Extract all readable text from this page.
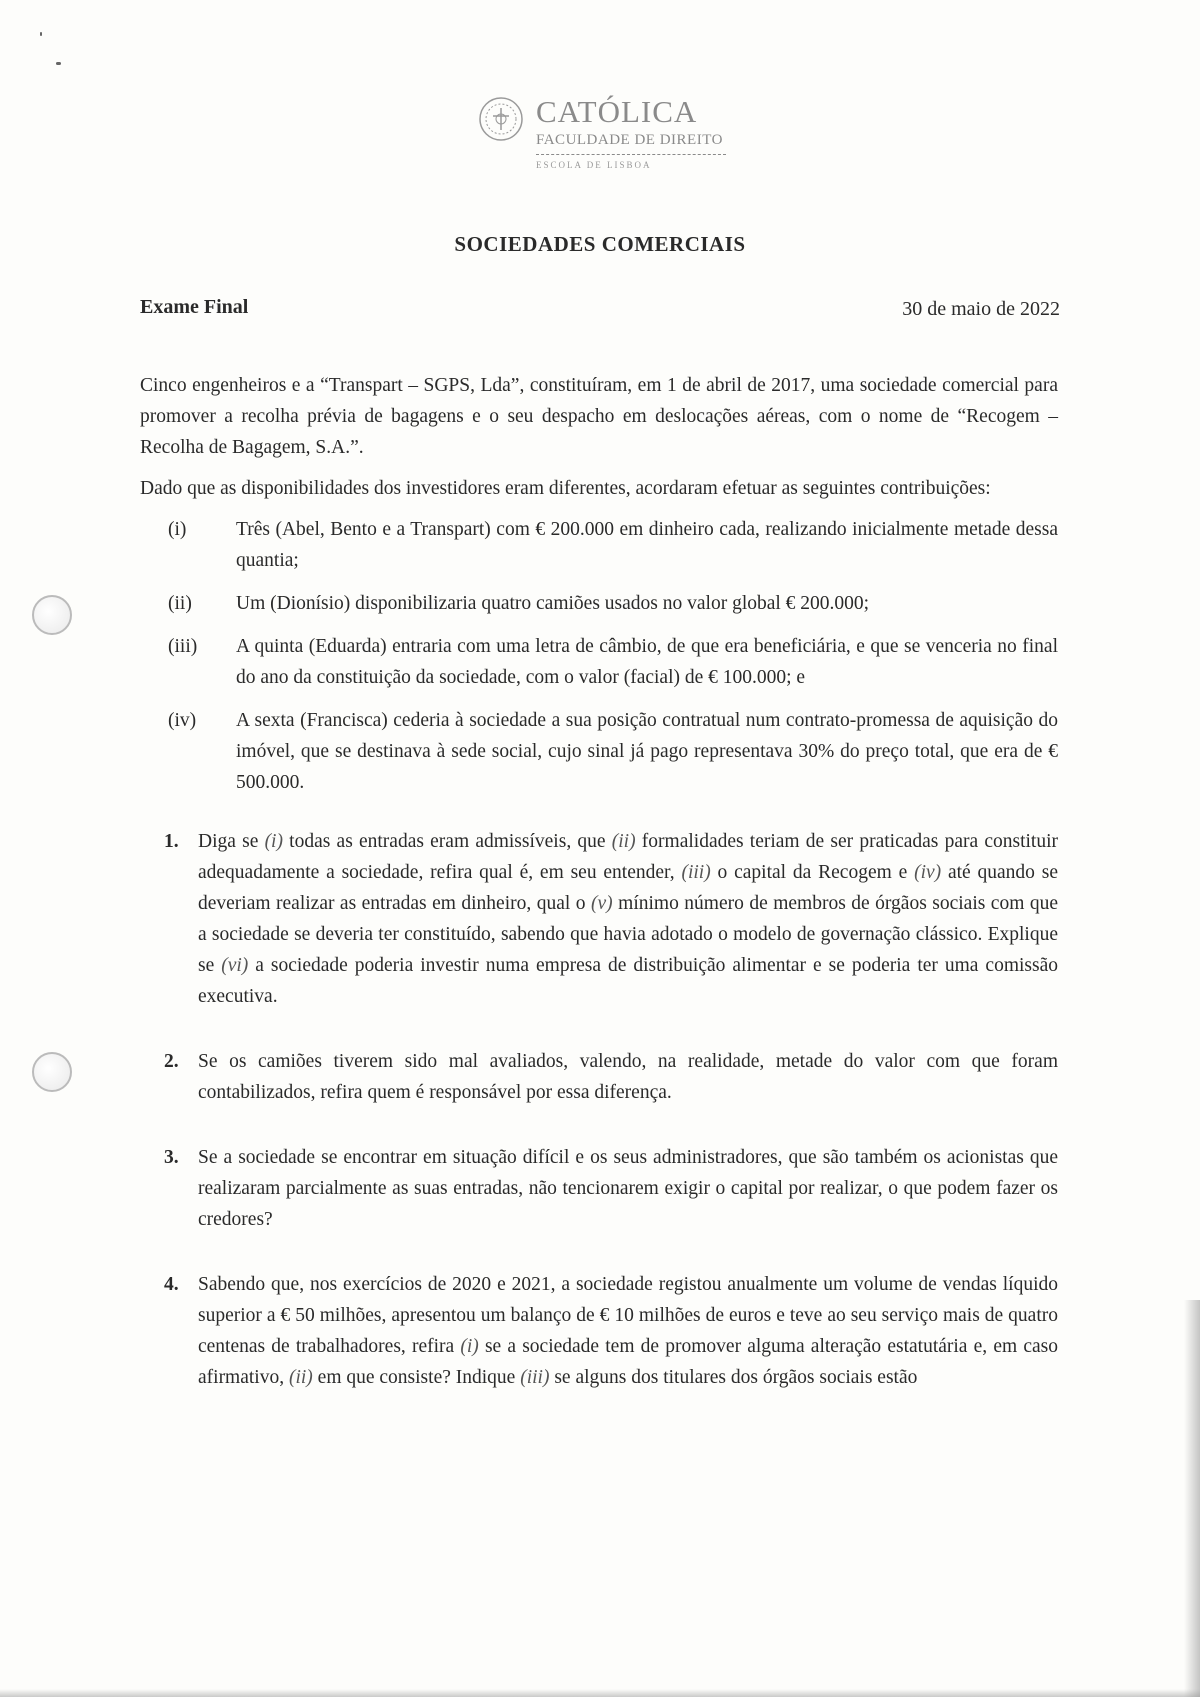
CATÓLICA
FACULDADE DE DIREITO
ESCOLA DE LISBOA
SOCIEDADES COMERCIAIS
Exame Final	30 de maio de 2022

Cinco engenheiros e a “Transpart – SGPS, Lda”, constituíram, em 1 de abril de 2017, uma sociedade comercial para promover a recolha prévia de bagagens e o seu despacho em deslocações aéreas, com o nome de “Recogem – Recolha de Bagagem, S.A.”.

Dado que as disponibilidades dos investidores eram diferentes, acordaram efetuar as seguintes contribuições:

(i)	Três (Abel, Bento e a Transpart) com € 200.000 em dinheiro cada, realizando inicialmente metade dessa quantia;
(ii) Um (Dionísio) disponibilizaria quatro camiões usados no valor global € 200.000;
(iii) A quinta (Eduarda) entraria com uma letra de câmbio, de que era beneficiária, e que se venceria no final do ano da constituição da sociedade, com o valor (facial) de € 100.000; e
(iv) A sexta (Francisca) cederia à sociedade a sua posição contratual num contrato-promessa de aquisição do imóvel, que se destinava à sede social, cujo sinal já pago representava 30% do preço total, que era de € 500.000.
1. Diga se (i) todas as entradas eram admissíveis, que (ii) formalidades teriam de ser praticadas para constituir adequadamente a sociedade, refira qual é, em seu entender, (iii) o capital da Recogem e (iv) até quando se deveriam realizar as entradas em dinheiro, qual o (v) mínimo número de membros de órgãos sociais com que a sociedade se deveria ter constituído, sabendo que havia adotado o modelo de governação clássico. Explique se (vi) a sociedade poderia investir numa empresa de distribuição alimentar e se poderia ter uma comissão executiva.
2. Se os camiões tiverem sido mal avaliados, valendo, na realidade, metade do valor com que foram contabilizados, refira quem é responsável por essa diferença.
3. Se a sociedade se encontrar em situação difícil e os seus administradores, que são também os acionistas que realizaram parcialmente as suas entradas, não tencionarem exigir o capital por realizar, o que podem fazer os credores?
4. Sabendo que, nos exercícios de 2020 e 2021, a sociedade registou anualmente um volume de vendas líquido superior a € 50 milhões, apresentou um balanço de € 10 milhões de euros e teve ao seu serviço mais de quatro centenas de trabalhadores, refira (i) se a sociedade tem de promover alguma alteração estatutária e, em caso afirmativo, (ii) em que consiste? Indique (iii) se alguns dos titulares dos órgãos sociais estão
